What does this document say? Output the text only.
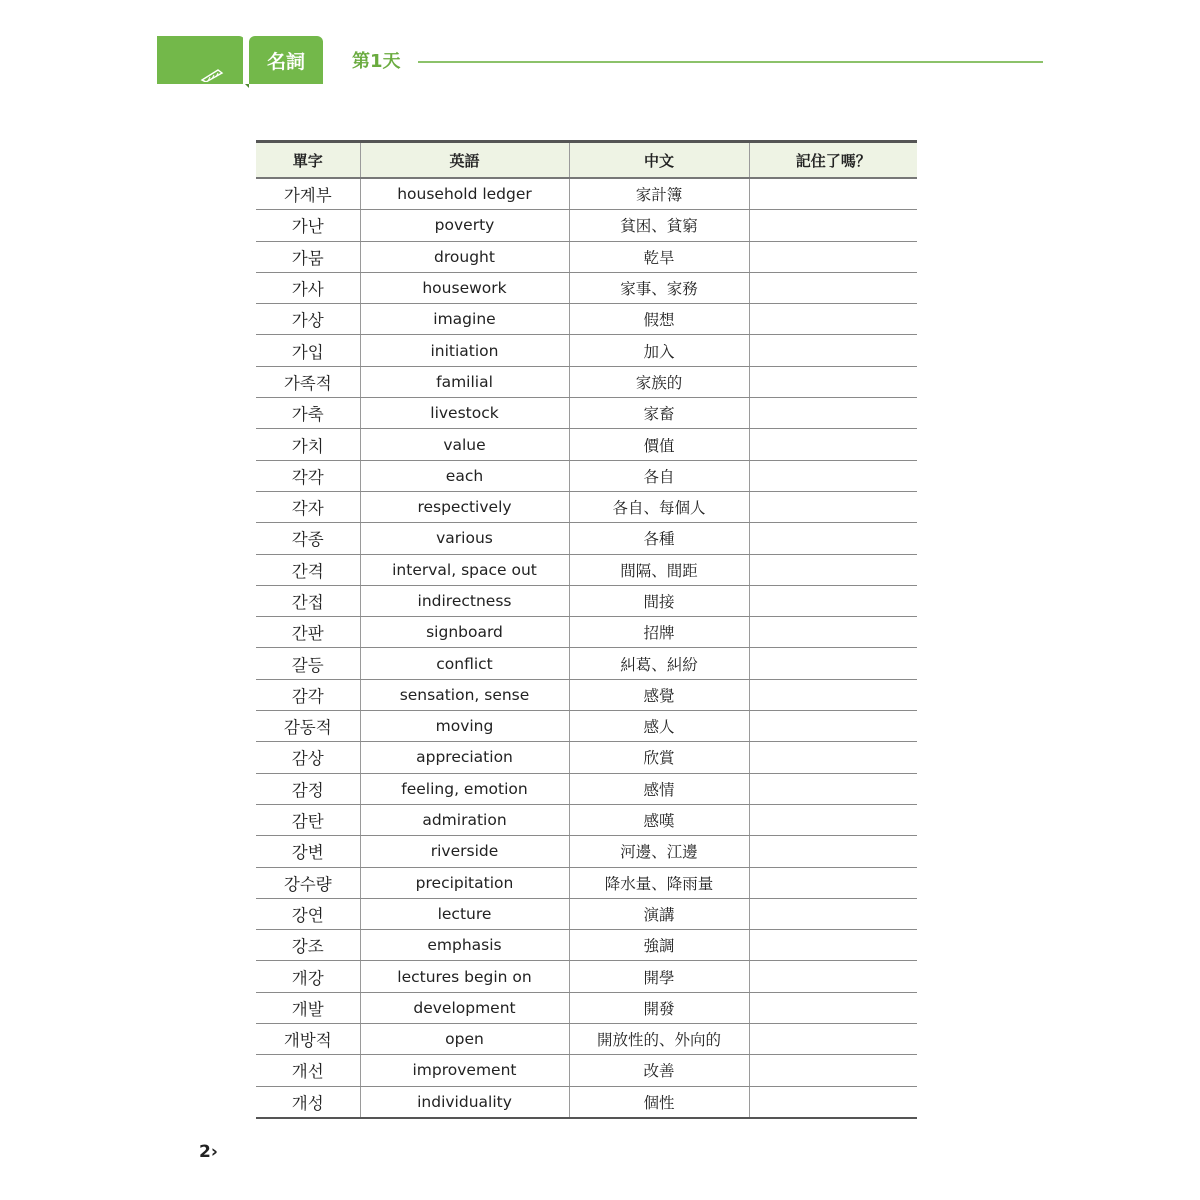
名詞	第1天
單字	英語	中文	記住了嗎？
가계부	household ledger	家計簿	
가난	poverty	貧困、貧窮	
가뭄	drought	乾旱	
가사	housework	家事、家務	
가상	imagine	假想	
가입	initiation	加入	
가족적	familial	家族的	
가축	livestock	家畜	
가치	value	價值	
각각	each	各自	
각자	respectively	各自、每個人	
각종	various	各種	
간격	interval, space out	間隔、間距	
간접	indirectness	間接	
간판	signboard	招牌	
갈등	conflict	糾葛、糾紛	
감각	sensation, sense	感覺	
감동적	moving	感人	
감상	appreciation	欣賞	
감정	feeling, emotion	感情	
감탄	admiration	感嘆	
강변	riverside	河邊、江邊	
강수량	precipitation	降水量、降雨量	
강연	lecture	演講	
강조	emphasis	強調	
개강	lectures begin on	開學	
개발	development	開發	
개방적	open	開放性的、外向的	
개선	improvement	改善	
개성	individuality	個性	
2›
